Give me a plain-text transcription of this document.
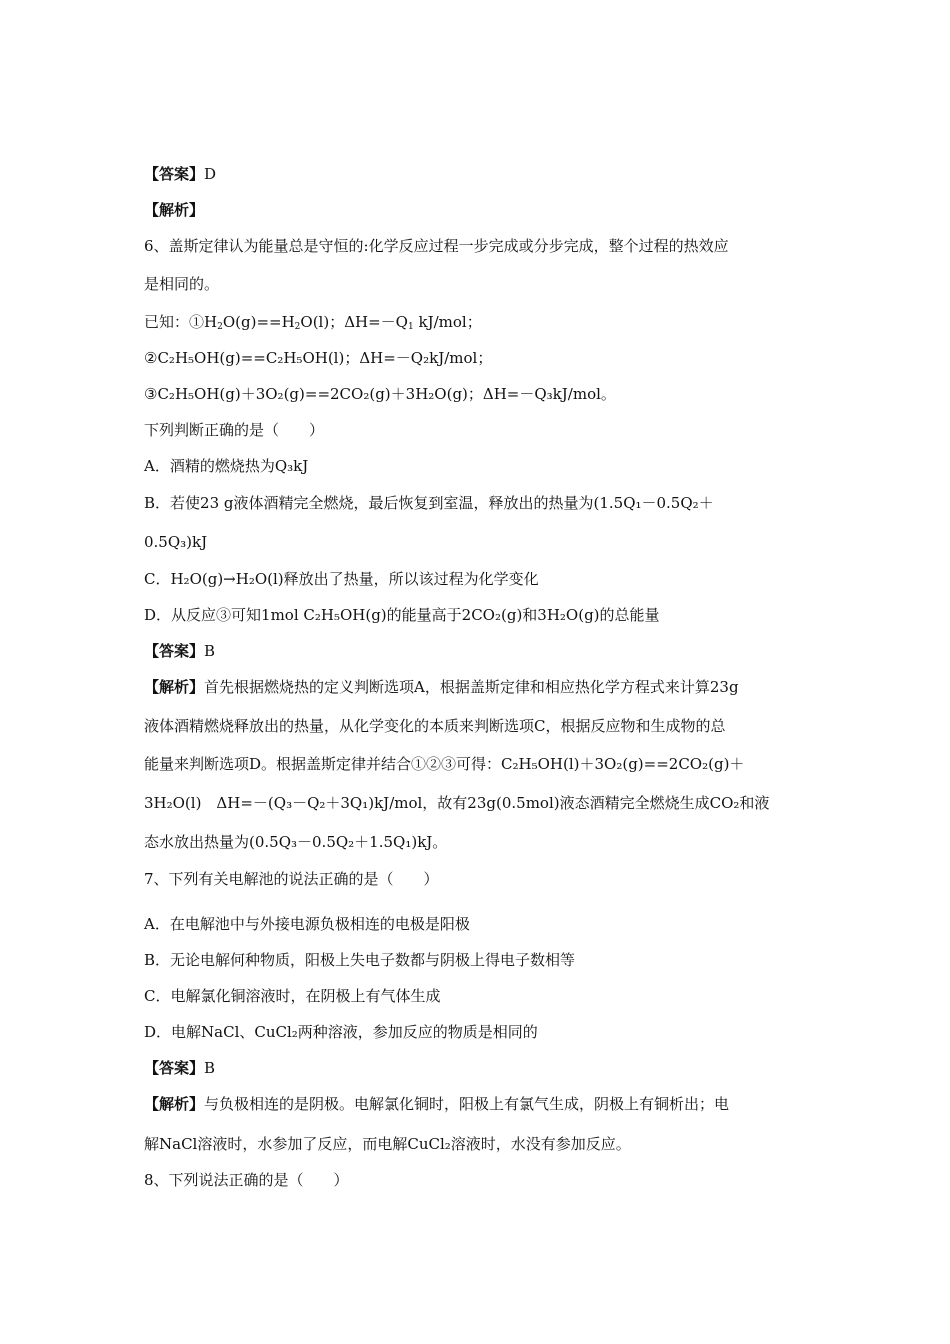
【答案】D
【解析】
6、盖斯定律认为能量总是守恒的:化学反应过程一步完成或分步完成，整个过程的热效应
是相同的。
已知：$①H_2O(g)==H_2O(l)$；$\Delta H=-Q_1$ kJ/mol；
②C₂H₅OH(g)==C₂H₅OH(l)；ΔH=－Q₂kJ/mol；
③C₂H₅OH(g)＋3O₂(g)==2CO₂(g)＋3H₂O(g)；ΔH=－Q₃kJ/mol。
下列判断正确的是（　　）
A．酒精的燃烧热为Q₃kJ
B．若使23 g液体酒精完全燃烧，最后恢复到室温，释放出的热量为(1.5Q₁－0.5Q₂＋
0.5Q₃)kJ
C．H₂O(g)→H₂O(l)释放出了热量，所以该过程为化学变化
D．从反应③可知1mol C₂H₅OH(g)的能量高于2CO₂(g)和3H₂O(g)的总能量
【答案】B
【解析】首先根据燃烧热的定义判断选项A，根据盖斯定律和相应热化学方程式来计算23g
液体酒精燃烧释放出的热量，从化学变化的本质来判断选项C，根据反应物和生成物的总
能量来判断选项D。根据盖斯定律并结合①②③可得：C₂H₅OH(l)＋3O₂(g)==2CO₂(g)＋
3H₂O(l)　ΔH=－(Q₃－Q₂＋3Q₁)kJ/mol，故有23g(0.5mol)液态酒精完全燃烧生成CO₂和液
态水放出热量为(0.5Q₃－0.5Q₂＋1.5Q₁)kJ。
7、下列有关电解池的说法正确的是（　　）
A．在电解池中与外接电源负极相连的电极是阳极
B．无论电解何种物质，阳极上失电子数都与阴极上得电子数相等
C．电解氯化铜溶液时，在阴极上有气体生成
D．电解NaCl、CuCl₂两种溶液，参加反应的物质是相同的
【答案】B
【解析】与负极相连的是阴极。电解氯化铜时，阳极上有氯气生成，阴极上有铜析出；电
解NaCl溶液时，水参加了反应，而电解CuCl₂溶液时，水没有参加反应。
8、下列说法正确的是（　　）
